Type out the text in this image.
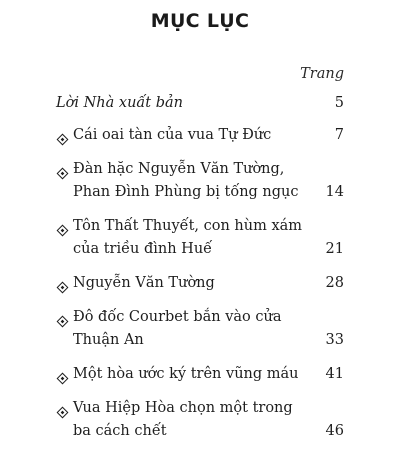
MỤC LỤC
Trang
Lời Nhà xuất bản	5
Cái oai tàn của vua Tự Đức	7
Đàn hặc Nguyễn Văn Tường, Phan Đình Phùng bị tống ngục	14
Tôn Thất Thuyết, con hùm xám của triều đình Huế	21
Nguyễn Văn Tường	28
Đô đốc Courbet bắn vào cửa Thuận An	33
Một hòa ước ký trên vũng máu	41
Vua Hiệp Hòa chọn một trong ba cách chết	46
